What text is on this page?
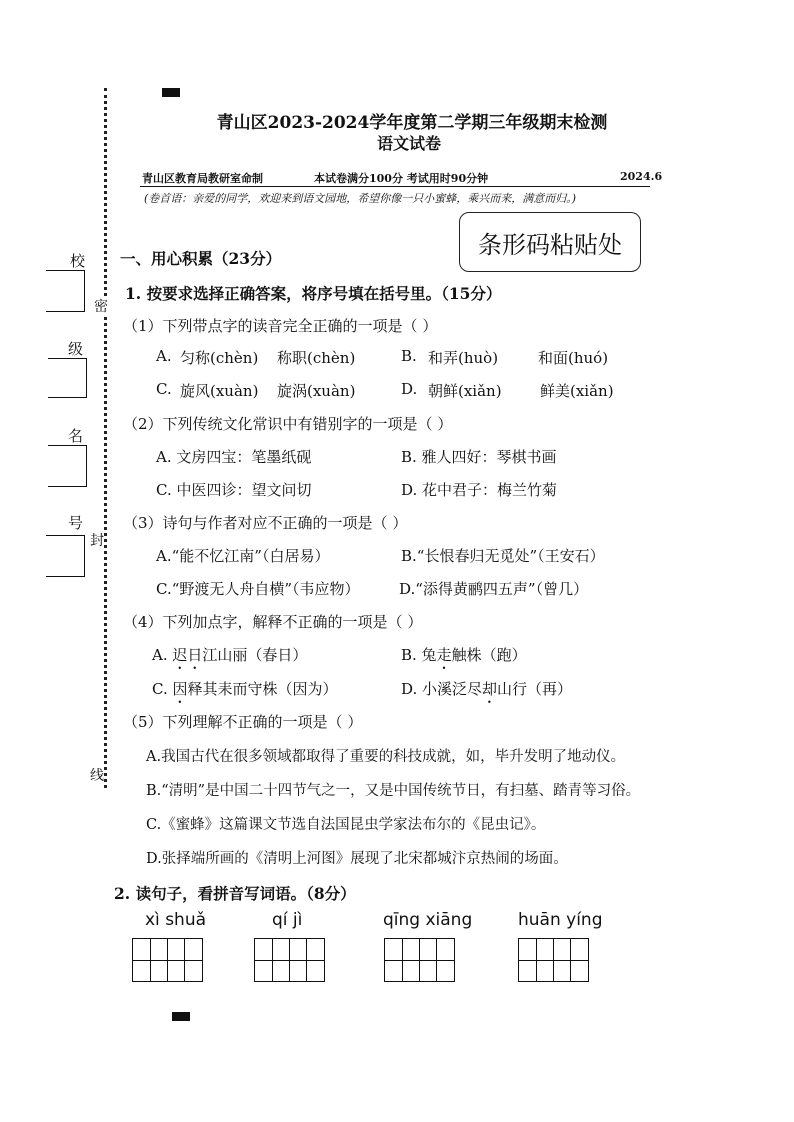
校
级
名
号
密
封
线
青山区2023-2024学年度第二学期三年级期末检测
语文试卷
青山区教育局教研室命制	本试卷满分100分 考试用时90分钟	2024.6
(卷首语：亲爱的同学，欢迎来到语文园地，希望你像一只小蜜蜂，乘兴而来，满意而归。)
条形码粘贴处
一、用心积累（23分）
1. 按要求选择正确答案，将序号填在括号里。（15分）
（1）下列带点字的读音完全正确的一项是（ ）
A. 匀称(chèn) 称职(chèn)	B. 和弄(huò)	和面(huó)
C. 旋风(xuàn) 旋涡(xuàn)	D. 朝鲜(xiǎn)	鲜美(xiǎn)
（2）下列传统文化常识中有错别字的一项是（ ）
A. 文房四宝：笔墨纸砚	B. 雅人四好：琴棋书画
C. 中医四诊：望文问切	D. 花中君子：梅兰竹菊
（3）诗句与作者对应不正确的一项是（ ）
A.“能不忆江南”（白居易）	B.“长恨春归无觅处”（王安石）
C.“野渡无人舟自横”（韦应物）	D.“添得黄鹂四五声”（曾几）
（4）下列加点字，解释不正确的一项是（ ）
A. 迟日江山丽（春日）	B. 兔走触株（跑）
C. 因释其耒而守株（因为）	D. 小溪泛尽却山行（再）
（5）下列理解不正确的一项是（ ）
A.我国古代在很多领域都取得了重要的科技成就，如，毕升发明了地动仪。
B.“清明”是中国二十四节气之一，又是中国传统节日，有扫墓、踏青等习俗。
C.《蜜蜂》这篇课文节选自法国昆虫学家法布尔的《昆虫记》。
D.张择端所画的《清明上河图》展现了北宋都城汴京热闹的场面。
2. 读句子，看拼音写词语。（8分）
xì shuǎ	qí jì	qīng xiāng	huān yíng
